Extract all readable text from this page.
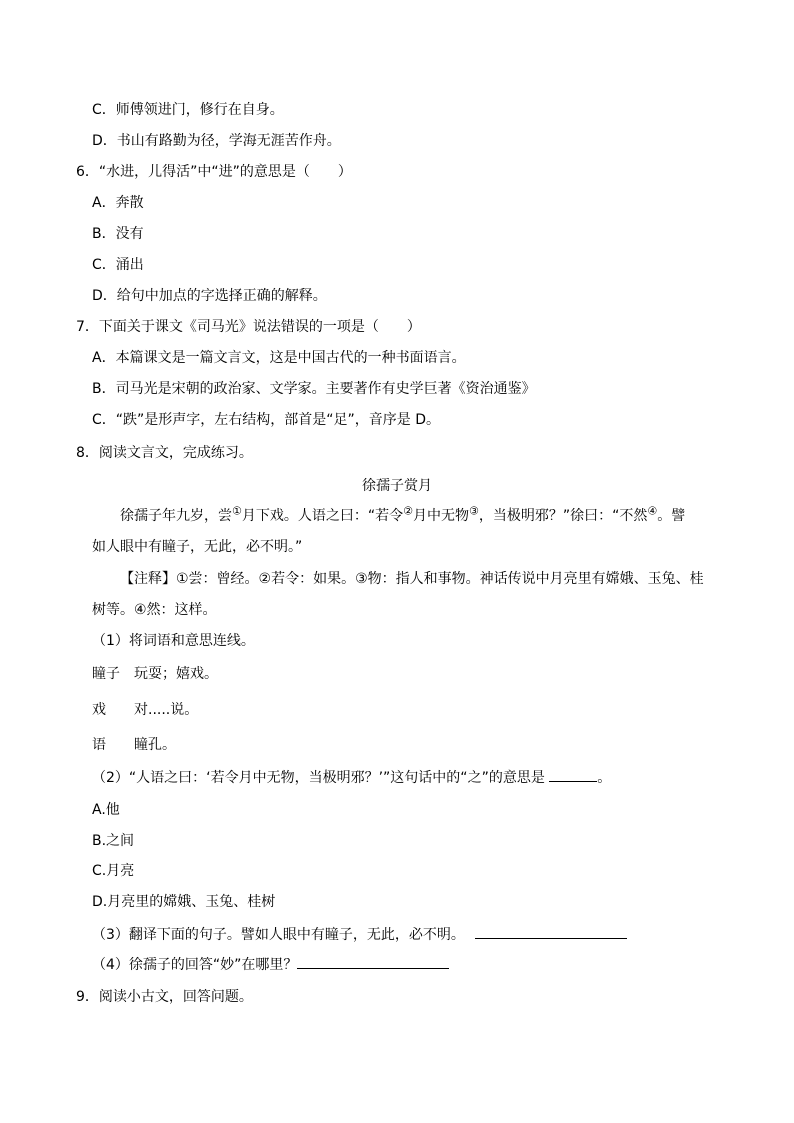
C．师傅领进门，修行在自身。
D．书山有路勤为径，学海无涯苦作舟。
6．“水进，儿得活”中“进”的意思是（　　）
A．奔散
B．没有
C．涌出
D．给句中加点的字选择正确的解释。
7．下面关于课文《司马光》说法错误的一项是（　　）
A．本篇课文是一篇文言文，这是中国古代的一种书面语言。
B．司马光是宋朝的政治家、文学家。主要著作有史学巨著《资治通鉴》
C．“跌”是形声字，左右结构，部首是“足”，音序是 D。
8．阅读文言文，完成练习。
徐孺子赏月
徐孺子年九岁，尝①月下戏。人语之曰：“若令②月中无物③，当极明邪？”徐曰：“不然④。譬
如人眼中有瞳子，无此，必不明。”
【注释】①尝：曾经。②若令：如果。③物：指人和事物。神话传说中月亮里有嫦娥、玉兔、桂
树等。④然：这样。
（1）将词语和意思连线。
瞳子　玩耍；嬉戏。
戏　　对.....说。
语　　瞳孔。
（2）“人语之曰：‘若令月中无物，当极明邪？’”这句话中的“之”的意思是	。
A.他
B.之间
C.月亮
D.月亮里的嫦娥、玉兔、桂树
（3）翻译下面的句子。譬如人眼中有瞳子，无此，必不明。
（4）徐孺子的回答“妙”在哪里？
9．阅读小古文，回答问题。
